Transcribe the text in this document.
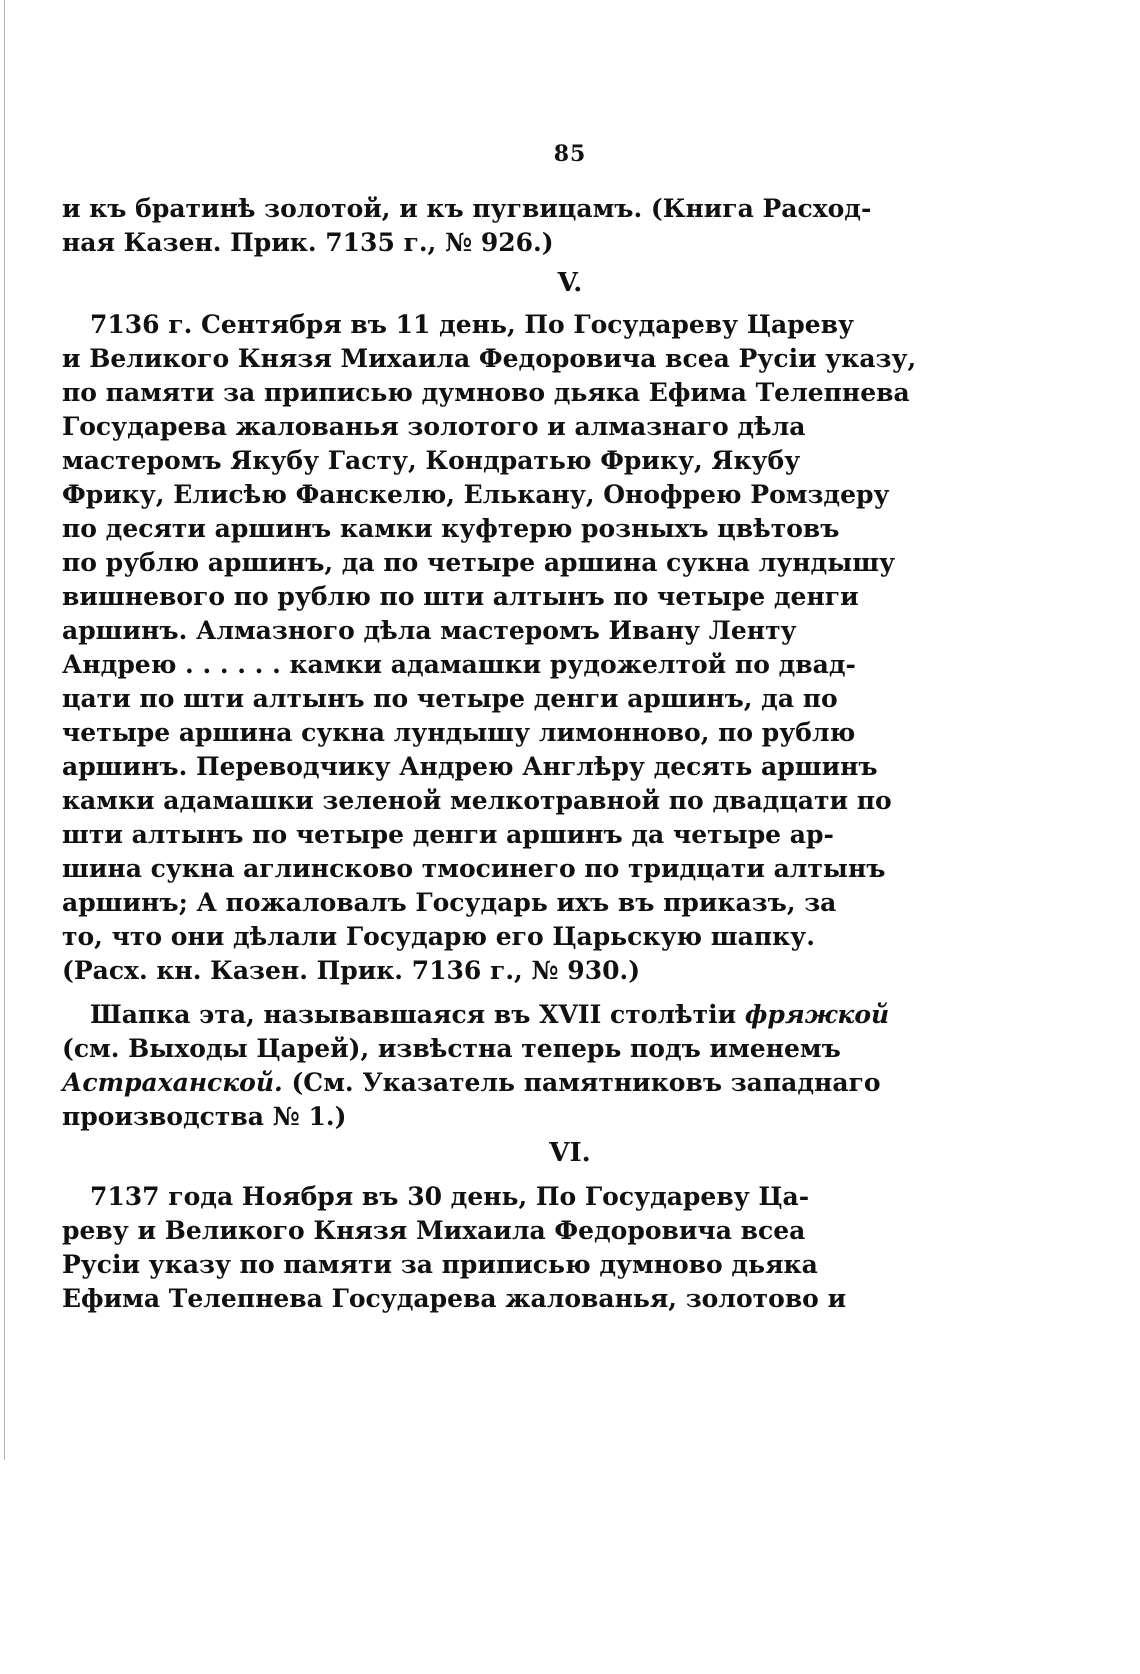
85
и къ братинѣ золотой, и къ пугвицамъ. (Книга Расход-
ная Казен. Прик. 7135 г., № 926.)
V.
7136 г. Сентября въ 11 день, По Государеву Цареву
и Великого Князя Михаила Федоровича всеа Русіи указу,
по памяти за приписью думново дьяка Ефима Телепнева
Государева жалованья золотого и алмазнаго дѣла
мастеромъ Якубу Гасту, Кондратью Фрику, Якубу
Фрику, Елисѣю Фанскелю, Елькану, Онофрею Ромздеру
по десяти аршинъ камки куфтерю розныхъ цвѣтовъ
по рублю аршинъ, да по четыре аршина сукна лундышу
вишневого по рублю по шти алтынъ по четыре денги
аршинъ. Алмазного дѣла мастеромъ Ивану Ленту
Андрею . . . . . . камки адамашки рудожелтой по двад-
цати по шти алтынъ по четыре денги аршинъ, да по
четыре аршина сукна лундышу лимонново, по рублю
аршинъ. Переводчику Андрею Англѣру десять аршинъ
камки адамашки зеленой мелкотравной по двадцати по
шти алтынъ по четыре денги аршинъ да четыре ар-
шина сукна аглинсково тмосинего по тридцати алтынъ
аршинъ; А пожаловалъ Государь ихъ въ приказъ, за
то, что они дѣлали Государю его Царьскую шапку.
(Расх. кн. Казен. Прик. 7136 г., № 930.)
Шапка эта, называвшаяся въ XVII столѣтіи фряжкой
(см. Выходы Царей), извѣстна теперь подъ именемъ
Астраханской. (См. Указатель памятниковъ западнаго
производства № 1.)
VI.
7137 года Ноября въ 30 день, По Государеву Ца-
реву и Великого Князя Михаила Федоровича всеа
Русіи указу по памяти за приписью думново дьяка
Ефима Телепнева Государева жалованья, золотово и
